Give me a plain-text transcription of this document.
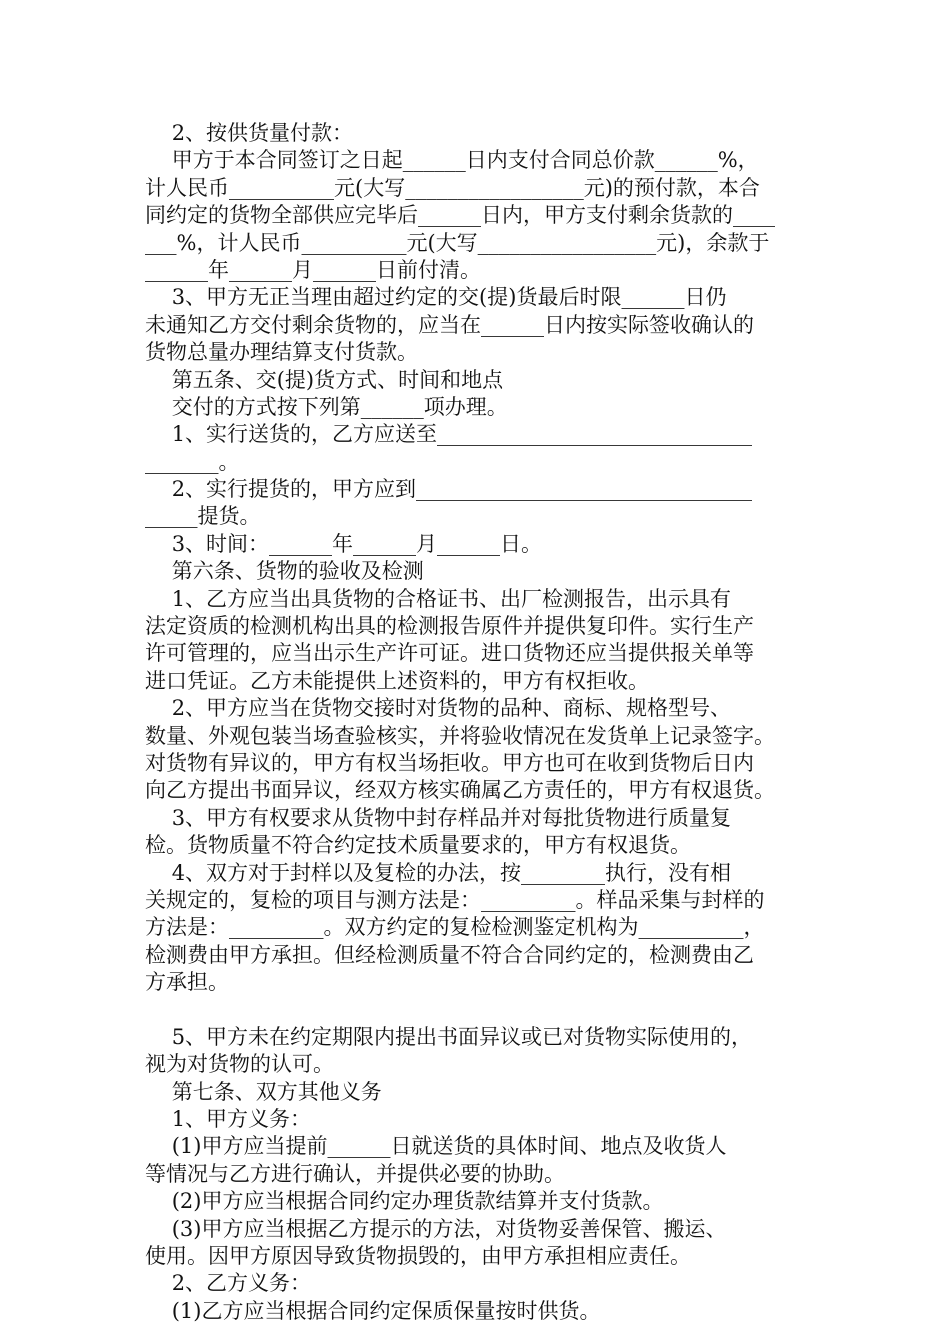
2、按供货量付款：
甲方于本合同签订之日起______日内支付合同总价款______%，
计人民币__________元(大写_________________元)的预付款，本合
同约定的货物全部供应完毕后______日内，甲方支付剩余货款的____
___%，计人民币__________元(大写_________________元)，余款于
______年______月______日前付清。
3、甲方无正当理由超过约定的交(提)货最后时限______日仍
未通知乙方交付剩余货物的，应当在______日内按实际签收确认的
货物总量办理结算支付货款。
第五条、交(提)货方式、时间和地点
交付的方式按下列第______项办理。
1、实行送货的，乙方应送至______________________________
_______。
2、实行提货的，甲方应到________________________________
_____提货。
3、时间：______年______月______日。
第六条、货物的验收及检测
1、乙方应当出具货物的合格证书、出厂检测报告，出示具有
法定资质的检测机构出具的检测报告原件并提供复印件。实行生产
许可管理的，应当出示生产许可证。进口货物还应当提供报关单等
进口凭证。乙方未能提供上述资料的，甲方有权拒收。
2、甲方应当在货物交接时对货物的品种、商标、规格型号、
数量、外观包装当场查验核实，并将验收情况在发货单上记录签字。
对货物有异议的，甲方有权当场拒收。甲方也可在收到货物后日内
向乙方提出书面异议，经双方核实确属乙方责任的，甲方有权退货。
3、甲方有权要求从货物中封存样品并对每批货物进行质量复
检。货物质量不符合约定技术质量要求的，甲方有权退货。
4、双方对于封样以及复检的办法，按________执行，没有相
关规定的，复检的项目与测方法是：_________。样品采集与封样的
方法是：_________。双方约定的复检检测鉴定机构为__________，
检测费由甲方承担。但经检测质量不符合合同约定的，检测费由乙
方承担。
5、甲方未在约定期限内提出书面异议或已对货物实际使用的，
视为对货物的认可。
第七条、双方其他义务
1、甲方义务：
(1)甲方应当提前______日就送货的具体时间、地点及收货人
等情况与乙方进行确认，并提供必要的协助。
(2)甲方应当根据合同约定办理货款结算并支付货款。
(3)甲方应当根据乙方提示的方法，对货物妥善保管、搬运、
使用。因甲方原因导致货物损毁的，由甲方承担相应责任。
2、乙方义务：
(1)乙方应当根据合同约定保质保量按时供货。
